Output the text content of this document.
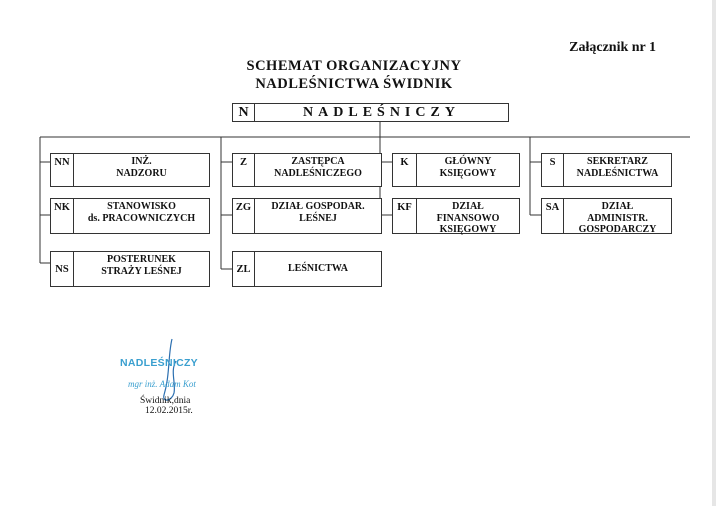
Załącznik nr 1
SCHEMAT ORGANIZACYJNY
NADLEŚNICTWA ŚWIDNIK
N	NADLEŚNICZY
NN	INŻ.
NADZORU
NK	STANOWISKO
ds. PRACOWNICZYCH
NS
POSTERUNEK
STRAŻY LEŚNEJ
Z	ZASTĘPCA
NADLEŚNICZEGO
ZG	DZIAŁ GOSPODAR.
LEŚNEJ
ZL	LEŚNICTWA
K	GŁÓWNY
KSIĘGOWY
KF	DZIAŁ
FINANSOWO
KSIĘGOWY
S	SEKRETARZ
NADLEŚNICTWA
SA	DZIAŁ
ADMINISTR.
GOSPODARCZY
NADLEŚNICZY
mgr inż. Adam Kot
Świdnik,dnia
12.02.2015r.
